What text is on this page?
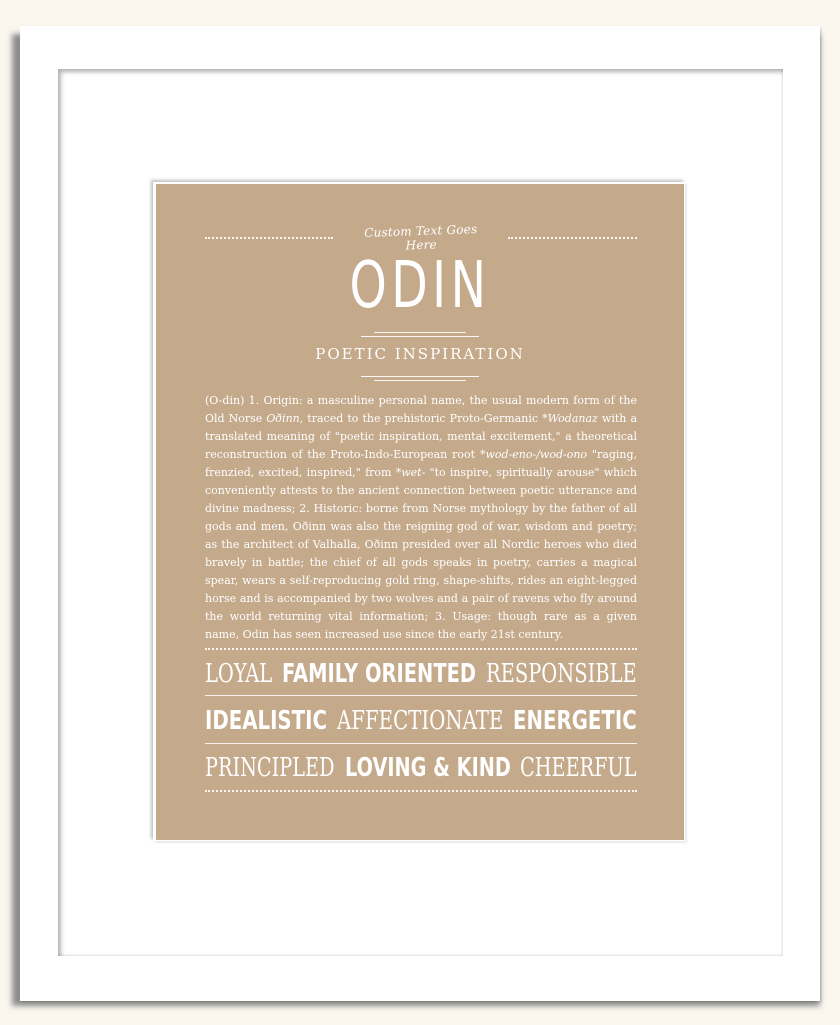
Custom Text Goes Here
ODIN
POETIC INSPIRATION
(O-din) 1. Origin: a masculine personal name, the usual modern form of the Old Norse Oðinn, traced to the prehistoric Proto-Germanic *Wodanaz with a translated meaning of "poetic inspiration, mental excitement," a theoretical reconstruction of the Proto-Indo-European root *wod-eno-/wod-ono "raging, frenzied, excited, inspired," from *wet- "to inspire, spiritually arouse" which conveniently attests to the ancient connection between poetic utterance and divine madness; 2. Historic: borne from Norse mythology by the father of all gods and men, Oðinn was also the reigning god of war, wisdom and poetry; as the architect of Valhalla, Oðinn presided over all Nordic heroes who died bravely in battle; the chief of all gods speaks in poetry, carries a magical spear, wears a self-reproducing gold ring, shape-shifts, rides an eight-legged horse and is accompanied by two wolves and a pair of ravens who fly around the world returning vital information; 3. Usage: though rare as a given name, Odin has seen increased use since the early 21st century.
LOYAL FAMILY ORIENTED RESPONSIBLE
IDEALISTIC AFFECTIONATE ENERGETIC
PRINCIPLED LOVING & KIND CHEERFUL
